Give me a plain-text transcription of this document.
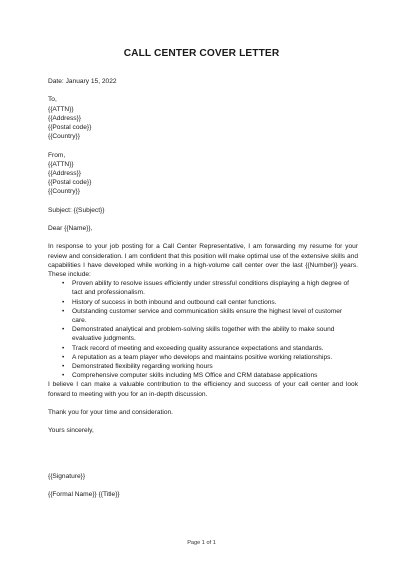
CALL CENTER COVER LETTER
Date: January 15, 2022
To,
{{ATTN}}
{{Address}}
{{Postal code}}
{{Country}}
From,
{{ATTN}}
{{Address}}
{{Postal code}}
{{Country}}
Subject: {{Subject}}
Dear {{Name}},
In response to your job posting for a Call Center Representative, I am forwarding my resume for your review and consideration. I am confident that this position will make optimal use of the extensive skills and capabilities I have developed while working in a high-volume call center over the last {{Number}} years. These include:
• Proven ability to resolve issues efficiently under stressful conditions displaying a high degree of tact and professionalism.
• History of success in both inbound and outbound call center functions.
• Outstanding customer service and communication skills ensure the highest level of customer care.
• Demonstrated analytical and problem-solving skills together with the ability to make sound evaluative judgments.
• Track record of meeting and exceeding quality assurance expectations and standards.
• A reputation as a team player who develops and maintains positive working relationships.
• Demonstrated flexibility regarding working hours
• Comprehensive computer skills including MS Office and CRM database applications
I believe I can make a valuable contribution to the efficiency and success of your call center and look forward to meeting with you for an in-depth discussion.
Thank you for your time and consideration.
Yours sincerely,
{{Signature}}
{{Formal Name}} {{Title}}
Page 1 of 1
